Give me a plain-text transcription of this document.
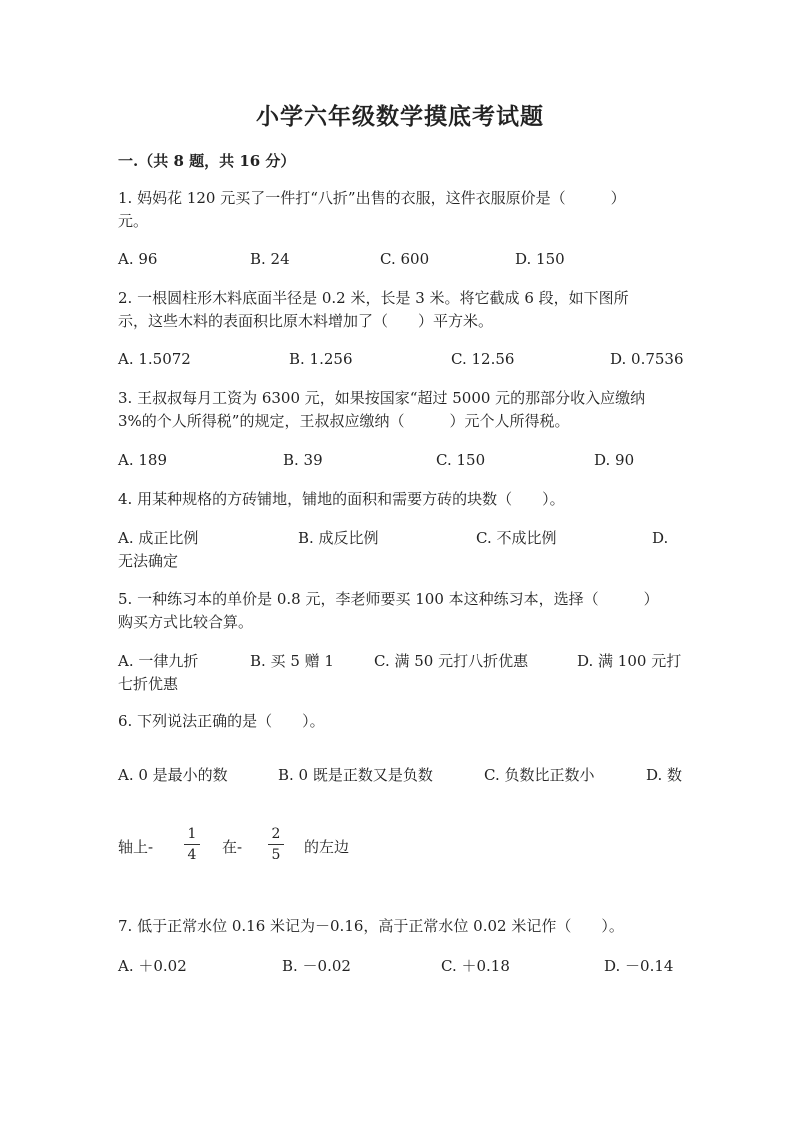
小学六年级数学摸底考试题
一.（共 8 题，共 16 分）
1. 妈妈花 120 元买了一件打“八折”出售的衣服，这件衣服原价是（　　　）
元。
A. 96	B. 24	C. 600	D. 150
2. 一根圆柱形木料底面半径是 0.2 米，长是 3 米。将它截成 6 段，如下图所
示，这些木料的表面积比原木料增加了（　　）平方米。
A. 1.5072	B. 1.256	C. 12.56	D. 0.7536
3. 王叔叔每月工资为 6300 元，如果按国家“超过 5000 元的那部分收入应缴纳
3%的个人所得税”的规定，王叔叔应缴纳（　　　）元个人所得税。
A. 189	B. 39	C. 150	D. 90
4. 用某种规格的方砖铺地，铺地的面积和需要方砖的块数（　　）。
A. 成正比例	B. 成反比例	C. 不成比例	D.
无法确定
5. 一种练习本的单价是 0.8 元，李老师要买 100 本这种练习本，选择（　　　）
购买方式比较合算。
A. 一律九折	B. 买 5 赠 1	C. 满 50 元打八折优惠	D. 满 100 元打
七折优惠
6. 下列说法正确的是（　　）。
A. 0 是最小的数	B. 0 既是正数又是负数	C. 负数比正数小	D. 数
轴上-
1
4 在-
2
5 的左边
7. 低于正常水位 0.16 米记为－0.16，高于正常水位 0.02 米记作（　　）。
A. ＋0.02	B. －0.02	C. ＋0.18	D. －0.14
